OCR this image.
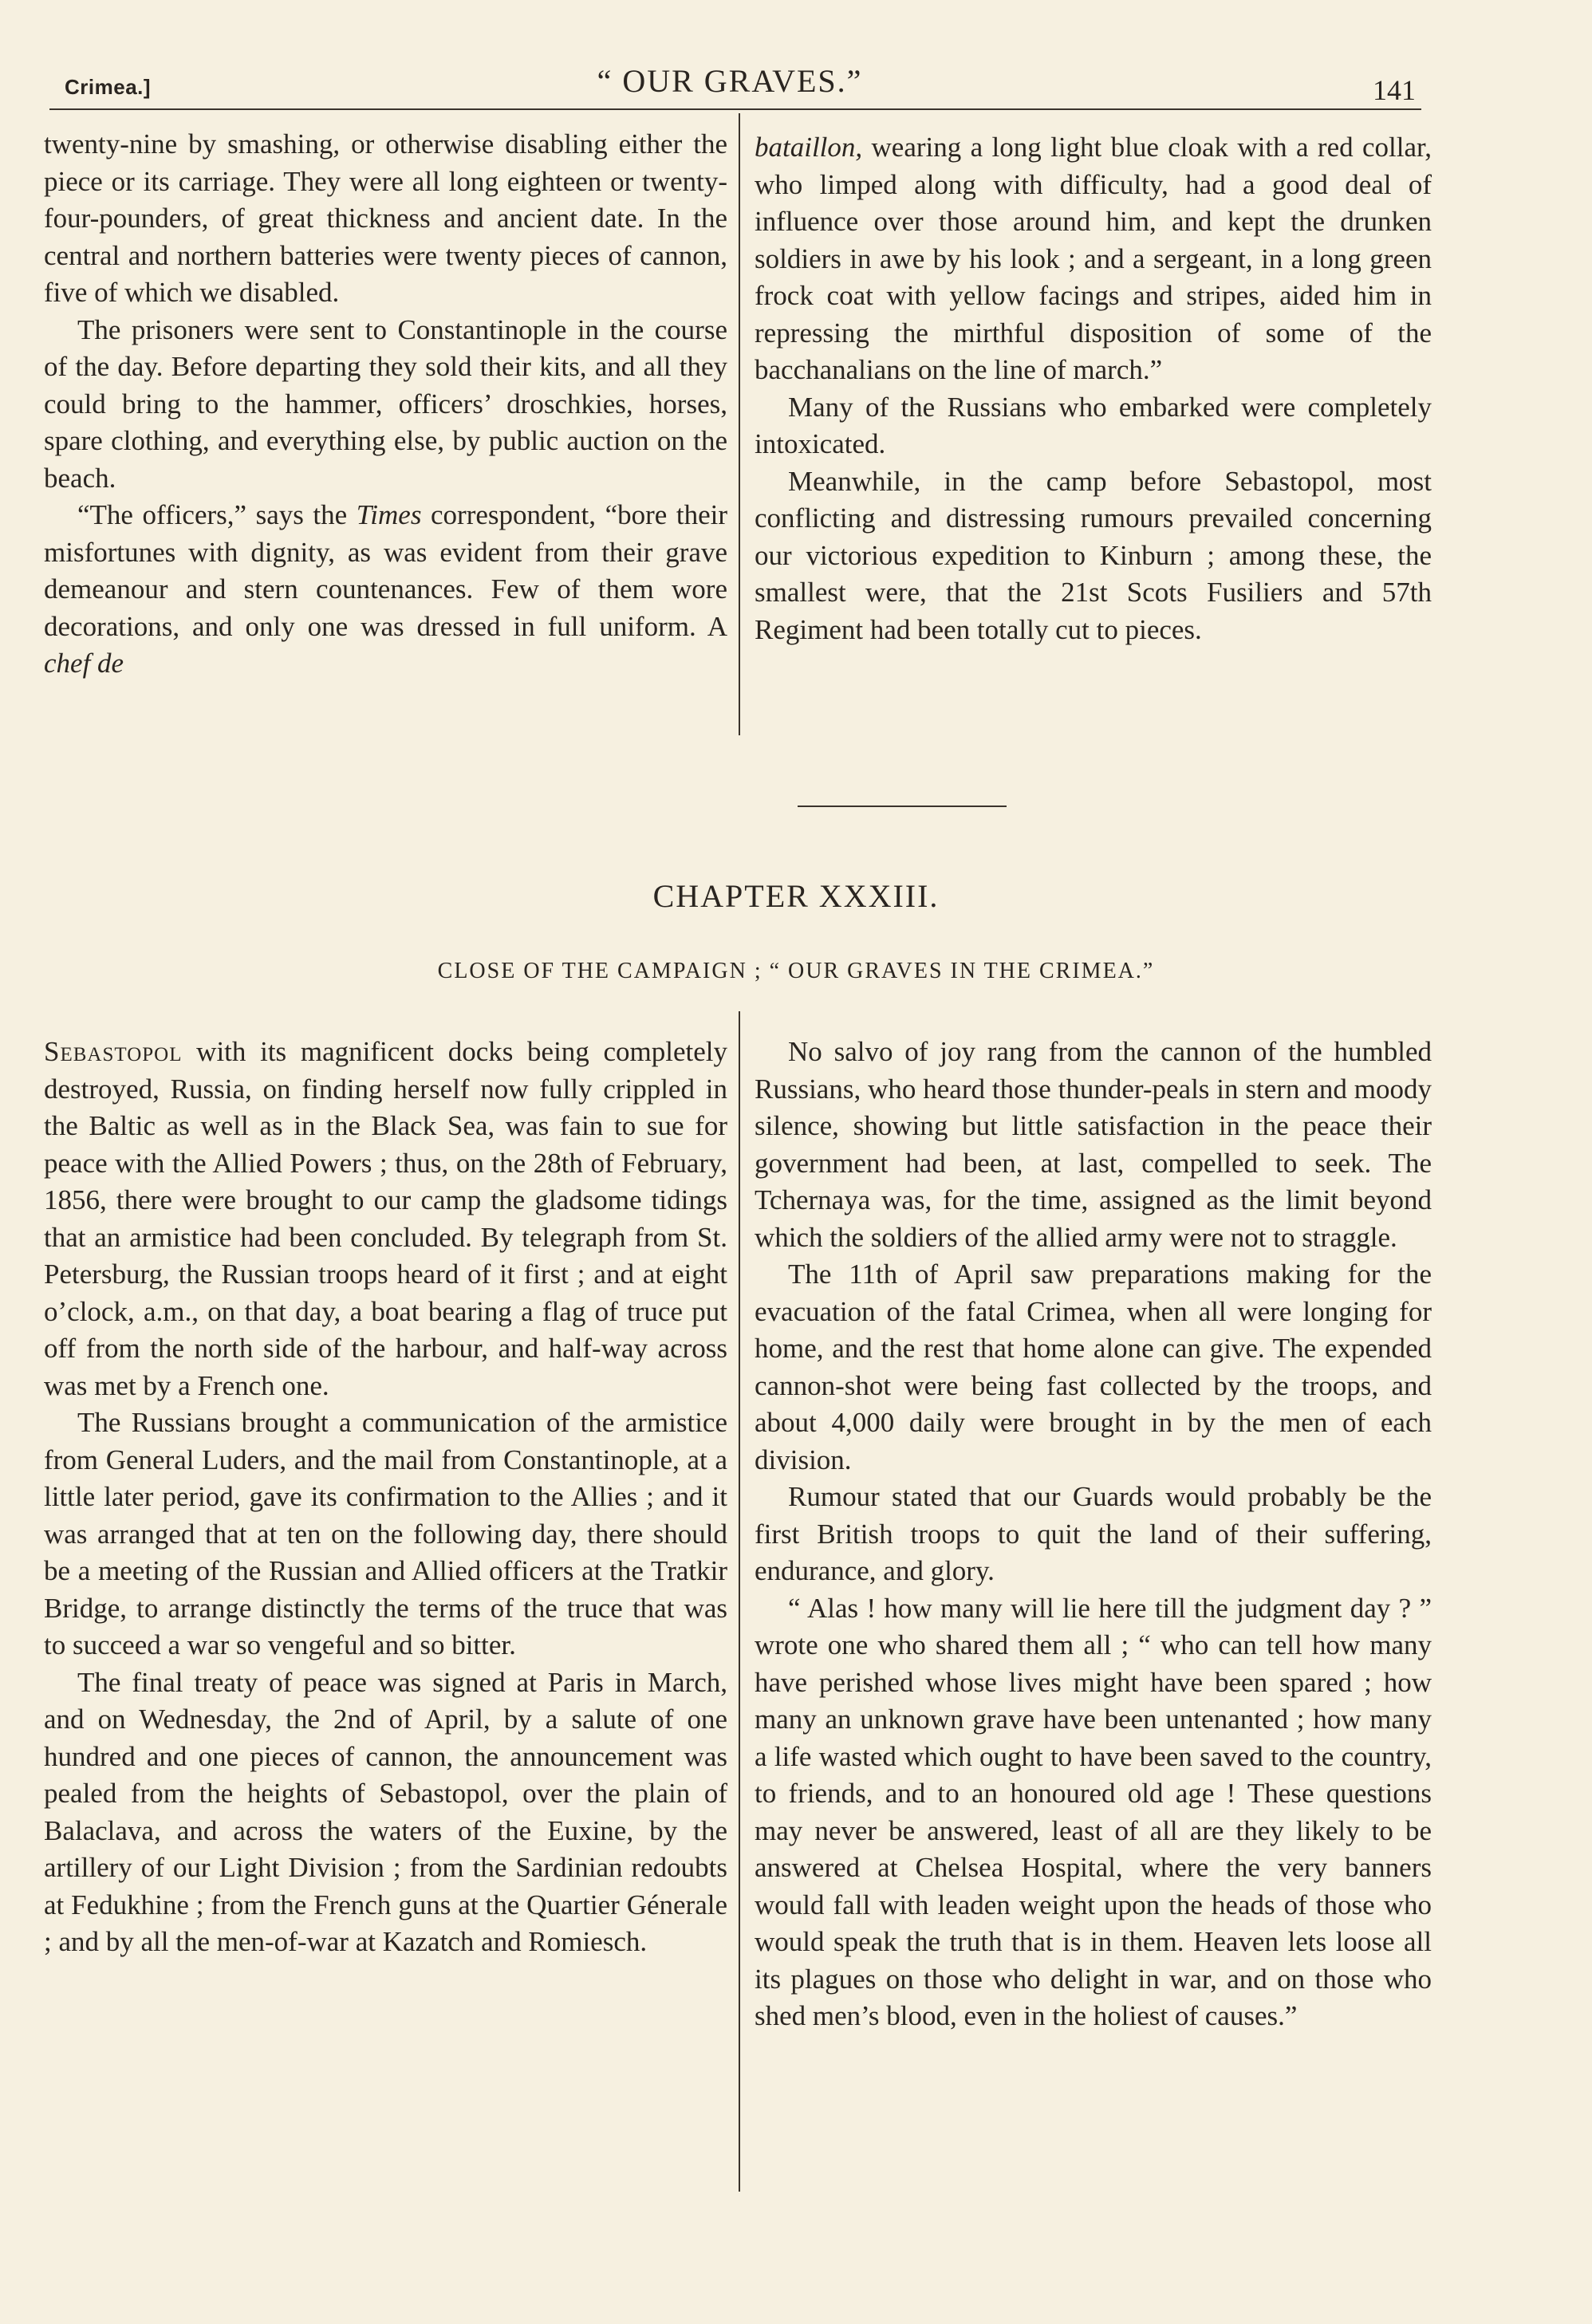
Crimea.]	“ OUR GRAVES.”	141

twenty-nine by smashing, or otherwise disabling either the piece or its carriage. They were all long eighteen or twenty-four-pounders, of great thickness and ancient date. In the central and northern batteries were twenty pieces of cannon, five of which we disabled.

The prisoners were sent to Constantinople in the course of the day. Before departing they sold their kits, and all they could bring to the hammer, officers’ droschkies, horses, spare clothing, and everything else, by public auction on the beach.

“The officers,” says the Times correspondent, “bore their misfortunes with dignity, as was evident from their grave demeanour and stern countenances. Few of them wore decorations, and only one was dressed in full uniform. A chef de

bataillon, wearing a long light blue cloak with a red collar, who limped along with difficulty, had a good deal of influence over those around him, and kept the drunken soldiers in awe by his look ; and a sergeant, in a long green frock coat with yellow facings and stripes, aided him in repressing the mirthful disposition of some of the bacchanalians on the line of march.”

Many of the Russians who embarked were completely intoxicated.

Meanwhile, in the camp before Sebastopol, most conflicting and distressing rumours prevailed concerning our victorious expedition to Kinburn ; among these, the smallest were, that the 21st Scots Fusiliers and 57th Regiment had been totally cut to pieces.

CHAPTER XXXIII.
CLOSE OF THE CAMPAIGN ; “ OUR GRAVES IN THE CRIMEA.”

Sebastopol with its magnificent docks being completely destroyed, Russia, on finding herself now fully crippled in the Baltic as well as in the Black Sea, was fain to sue for peace with the Allied Powers ; thus, on the 28th of February, 1856, there were brought to our camp the gladsome tidings that an armistice had been concluded. By telegraph from St. Petersburg, the Russian troops heard of it first ; and at eight o’clock, a.m., on that day, a boat bearing a flag of truce put off from the north side of the harbour, and half-way across was met by a French one.

The Russians brought a communication of the armistice from General Luders, and the mail from Constantinople, at a little later period, gave its confirmation to the Allies ; and it was arranged that at ten on the following day, there should be a meeting of the Russian and Allied officers at the Tratkir Bridge, to arrange distinctly the terms of the truce that was to succeed a war so vengeful and so bitter.

The final treaty of peace was signed at Paris in March, and on Wednesday, the 2nd of April, by a salute of one hundred and one pieces of cannon, the announcement was pealed from the heights of Sebastopol, over the plain of Balaclava, and across the waters of the Euxine, by the artillery of our Light Division ; from the Sardinian redoubts at Fedukhine ; from the French guns at the Quartier Génerale ; and by all the men-of-war at Kazatch and Romiesch.

No salvo of joy rang from the cannon of the humbled Russians, who heard those thunder-peals in stern and moody silence, showing but little satisfaction in the peace their government had been, at last, compelled to seek. The Tchernaya was, for the time, assigned as the limit beyond which the soldiers of the allied army were not to straggle.

The 11th of April saw preparations making for the evacuation of the fatal Crimea, when all were longing for home, and the rest that home alone can give. The expended cannon-shot were being fast collected by the troops, and about 4,000 daily were brought in by the men of each division.

Rumour stated that our Guards would probably be the first British troops to quit the land of their suffering, endurance, and glory.

“ Alas ! how many will lie here till the judgment day ? ” wrote one who shared them all ; “ who can tell how many have perished whose lives might have been spared ; how many an unknown grave have been untenanted ; how many a life wasted which ought to have been saved to the country, to friends, and to an honoured old age ! These questions may never be answered, least of all are they likely to be answered at Chelsea Hospital, where the very banners would fall with leaden weight upon the heads of those who would speak the truth that is in them. Heaven lets loose all its plagues on those who delight in war, and on those who shed men’s blood, even in the holiest of causes.”
